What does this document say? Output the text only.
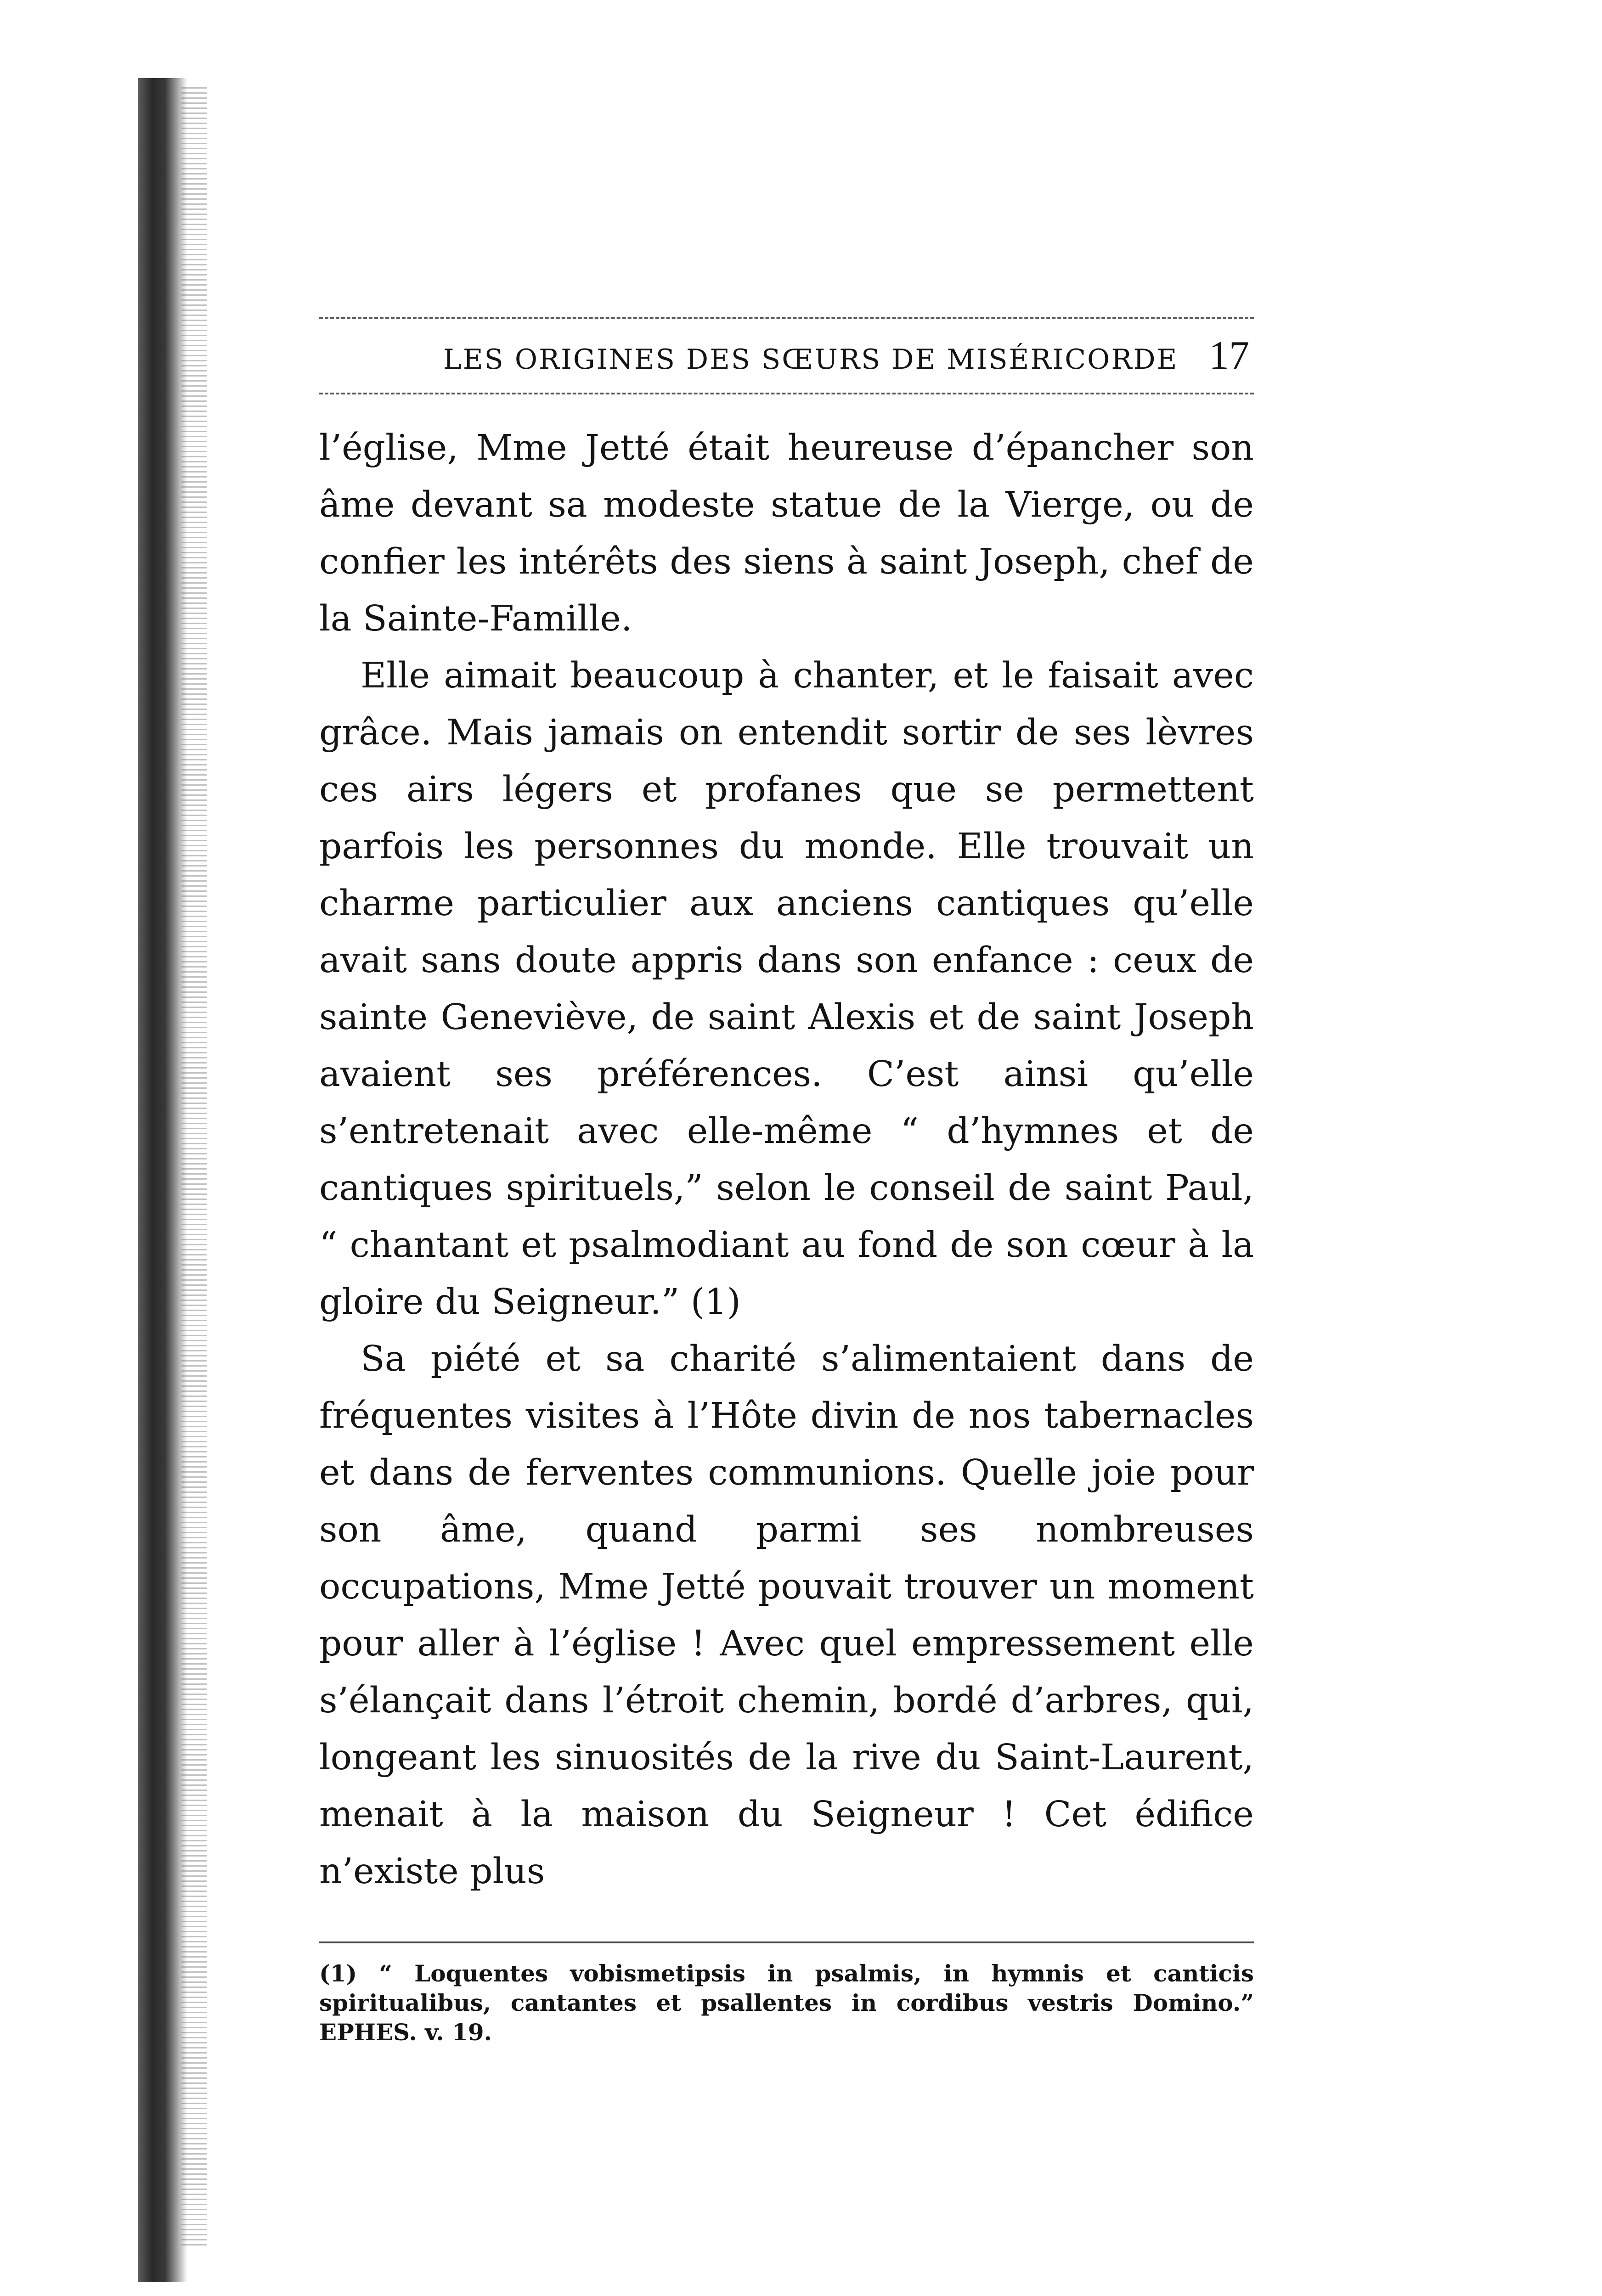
LES ORIGINES DES SŒURS DE MISÉRICORDE 17

l’église, Mme Jetté était heureuse d’épancher son âme devant sa modeste statue de la Vierge, ou de confier les intérêts des siens à saint Joseph, chef de la Sainte-Famille.

Elle aimait beaucoup à chanter, et le faisait avec grâce. Mais jamais on entendit sortir de ses lèvres ces airs légers et profanes que se permettent parfois les personnes du monde. Elle trouvait un charme particulier aux anciens cantiques qu’elle avait sans doute appris dans son enfance : ceux de sainte Geneviève, de saint Alexis et de saint Joseph avaient ses préférences. C’est ainsi qu’elle s’entretenait avec elle-même “ d’hymnes et de cantiques spirituels,” selon le conseil de saint Paul, “ chantant et psalmodiant au fond de son cœur à la gloire du Seigneur.” (1)

Sa piété et sa charité s’alimentaient dans de fréquentes visites à l’Hôte divin de nos tabernacles et dans de ferventes communions. Quelle joie pour son âme, quand parmi ses nombreuses occupations, Mme Jetté pouvait trouver un moment pour aller à l’église ! Avec quel empressement elle s’élançait dans l’étroit chemin, bordé d’arbres, qui, longeant les sinuosités de la rive du Saint-Laurent, menait à la maison du Seigneur ! Cet édifice n’existe plus

(1) “ Loquentes vobismetipsis in psalmis, in hymnis et canticis spiritualibus, cantantes et psallentes in cordibus vestris Domino.” EPHES. v. 19.
